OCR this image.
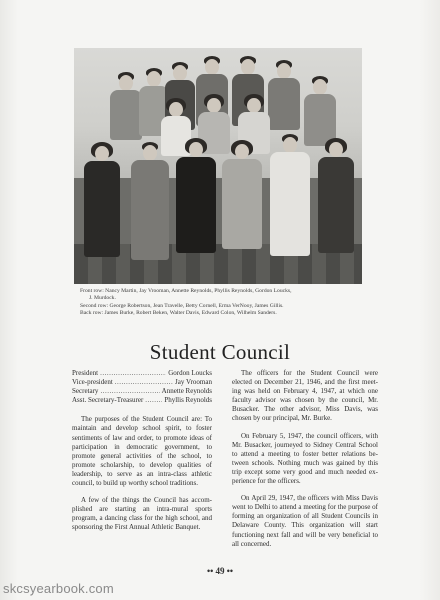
Front row: Nancy Martin, Jay Vrooman, Annette Reynolds, Phyllis Reynolds, Gordon Loucks,
J. Murdock.
Second row: George Robertson, Jean Travelle, Betty Cornell, Erma VerNooy, James Gillis.
Back row: James Burke, Robert Beken, Walter Davis, Edward Colon, Wilhelm Sanders.
Student Council
President .....	Gordon Loucks
Vice-president .....	Jay Vrooman
Secretary .....	Annette Reynolds
Asst. Secretary-Treasurer .....	Phyllis Reynolds

The purposes of the Student Council are: To maintain and develop school spirit, to foster sentiments of law and order, to promote ideas of participation in democratic government, to promote general activities of the school, to promote scholarship, to develop qualities of leadership, to serve as an intra-class athletic council, to build up worthy school traditions.

A few of the things the Council has accomplished are starting an intra-mural sports program, a dancing class for the high school, and sponsoring the First Annual Athletic Banquet.

The officers for the Student Council were elected on December 21, 1946, and the first meeting was held on February 4, 1947, at which one faculty advisor was chosen by the council, Mr. Busacker. The other advisor, Miss Davis, was chosen by our principal, Mr. Burke.

On February 5, 1947, the council officers, with Mr. Busacker, journeyed to Sidney Central School to attend a meeting to foster better relations between schools. Nothing much was gained by this trip except some very good and much needed experience for the officers.

On April 29, 1947, the officers with Miss Davis went to Delhi to attend a meeting for the purpose of forming an organization of all Student Councils in Delaware County. This organization will start functioning next fall and will be very beneficial to all concerned.

•• 49 ••
skcsyearbook.com
